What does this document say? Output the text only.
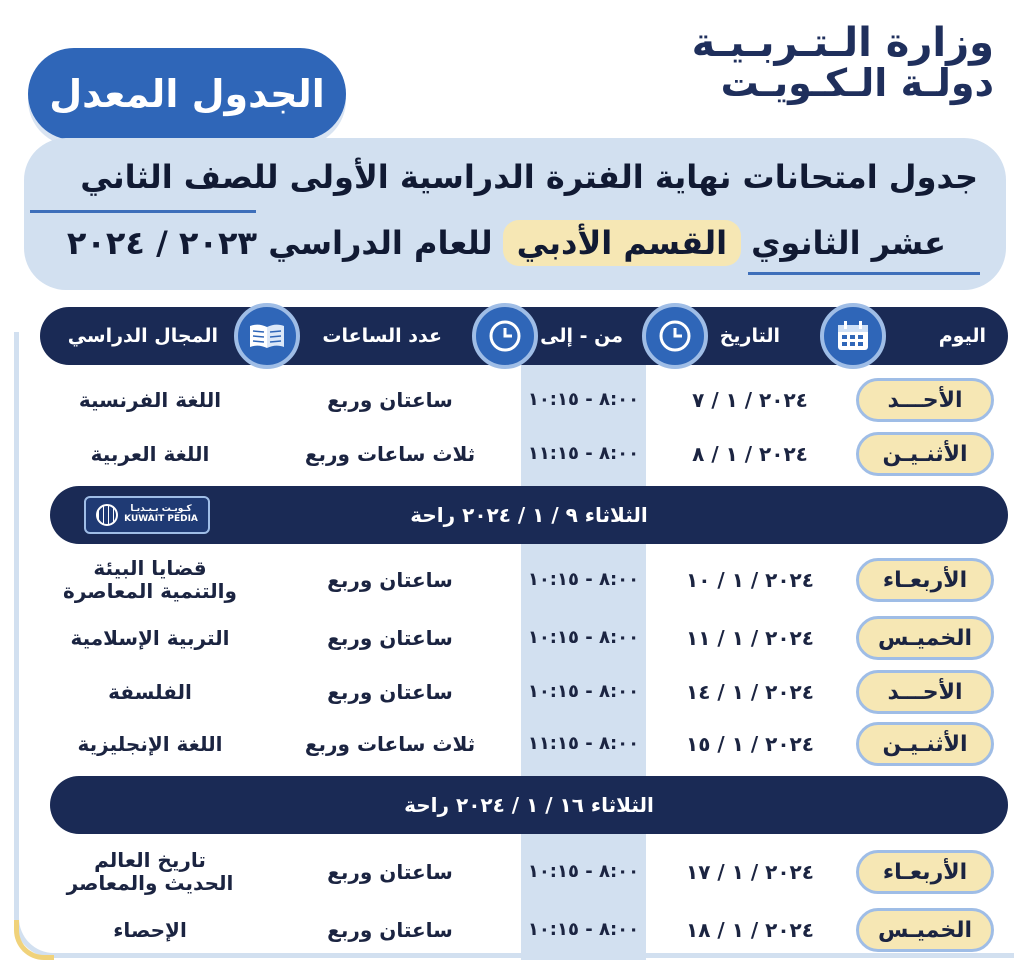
وزارة الـتـربـيـة
دولـة الـكـويـت
الجدول المعدل
جدول امتحانات نهاية الفترة الدراسية الأولى للصف الثاني
عشر الثانوي
القسم الأدبي
للعام الدراسي ٢٠٢٣ / ٢٠٢٤
اليوم
التاريخ
من - إلى
عدد الساعات
المجال الدراسي
الأحـــد
٢٠٢٤ / ١ / ٧
٨:٠٠ - ١٠:١٥
ساعتان وربع
اللغة الفرنسية
الأثنـيـن
٢٠٢٤ / ١ / ٨
٨:٠٠ - ١١:١٥
ثلاث ساعات وربع
اللغة العربية
الثلاثاء ٩ / ١ / ٢٠٢٤ راحة
كـويـت بـيـديـا
KUWAIT PEDIA
الأربعـاء
٢٠٢٤ / ١ / ١٠
٨:٠٠ - ١٠:١٥
ساعتان وربع
قضايا البيئة والتنمية المعاصرة
الخميـس
٢٠٢٤ / ١ / ١١
٨:٠٠ - ١٠:١٥
ساعتان وربع
التربية الإسلامية
الأحـــد
٢٠٢٤ / ١ / ١٤
٨:٠٠ - ١٠:١٥
ساعتان وربع
الفلسفة
الأثنـيـن
٢٠٢٤ / ١ / ١٥
٨:٠٠ - ١١:١٥
ثلاث ساعات وربع
اللغة الإنجليزية
الثلاثاء ١٦ / ١ / ٢٠٢٤ راحة
الأربعـاء
٢٠٢٤ / ١ / ١٧
٨:٠٠ - ١٠:١٥
ساعتان وربع
تاريخ العالم الحديث والمعاصر
الخميـس
٢٠٢٤ / ١ / ١٨
٨:٠٠ - ١٠:١٥
ساعتان وربع
الإحصاء
